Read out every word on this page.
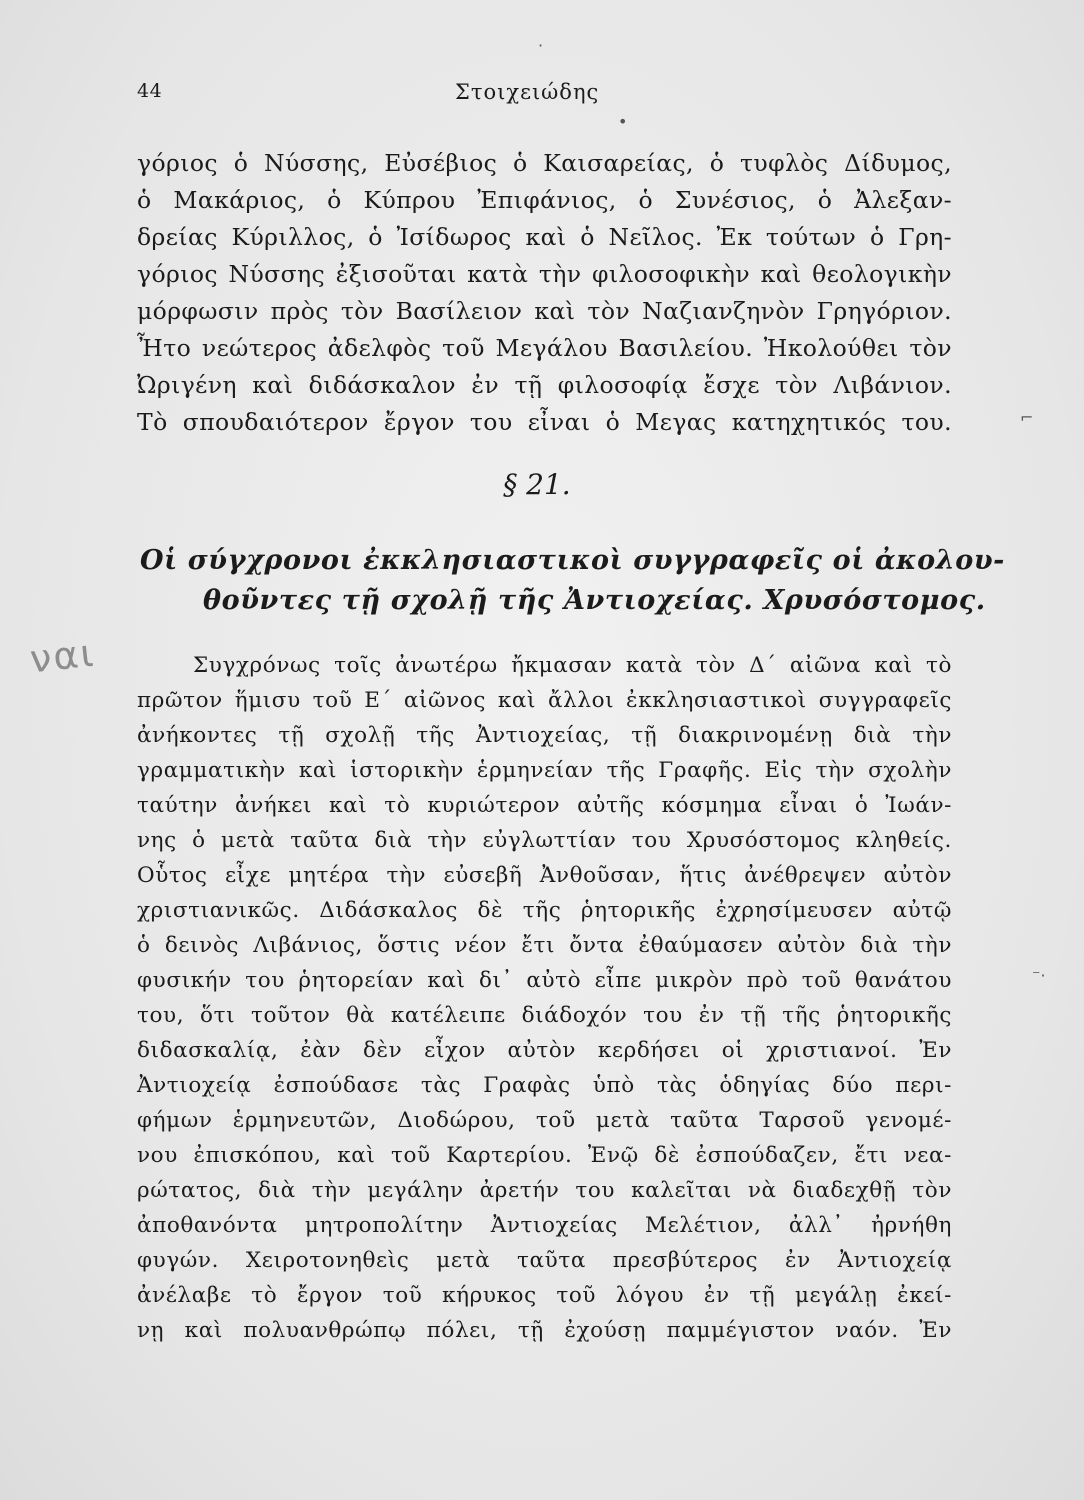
44	Στοιχειώδης
γόριος ὁ Νύσσης, Εὐσέβιος ὁ Καισαρείας, ὁ τυφλὸς Δίδυμος,
ὁ Μακάριος, ὁ Κύπρου Ἐπιφάνιος, ὁ Συνέσιος, ὁ Ἀλεξαν-
δρείας Κύριλλος, ὁ Ἰσίδωρος καὶ ὁ Νεῖλος. Ἐκ τούτων ὁ Γρη-
γόριος Νύσσης ἐξισοῦται κατὰ τὴν φιλοσοφικὴν καὶ θεολογικὴν
μόρφωσιν πρὸς τὸν Βασίλειον καὶ τὸν Ναζιανζηνὸν Γρηγόριον.
Ἦτο νεώτερος ἀδελφὸς τοῦ Μεγάλου Βασιλείου. Ἠκολούθει τὸν
Ὠριγένη καὶ διδάσκαλον ἐν τῇ φιλοσοφίᾳ ἔσχε τὸν Λιβάνιον.
Τὸ σπουδαιότερον ἔργον του εἶναι ὁ Μεγας κατηχητικός του.
§ 21.
Οἱ σύγχρονοι ἐκκλησιαστικοὶ συγγραφεῖς οἱ ἀκολου-
θοῦντες τῇ σχολῇ τῆς Ἀντιοχείας. Χρυσόστομος.
ναι	Συγχρόνως τοῖς ἀνωτέρω ἤκμασαν κατὰ τὸν Δ´ αἰῶνα καὶ τὸ
πρῶτον ἥμισυ τοῦ Ε´ αἰῶνος καὶ ἄλλοι ἐκκλησιαστικοὶ συγγραφεῖς
ἀνήκοντες τῇ σχολῇ τῆς Ἀντιοχείας, τῇ διακρινομένῃ διὰ τὴν
γραμματικὴν καὶ ἱστορικὴν ἑρμηνείαν τῆς Γραφῆς. Εἰς τὴν σχολὴν
ταύτην ἀνήκει καὶ τὸ κυριώτερον αὐτῆς κόσμημα εἶναι ὁ Ἰωάν-
νης ὁ μετὰ ταῦτα διὰ τὴν εὐγλωττίαν του Χρυσόστομος κληθείς.
Οὗτος εἶχε μητέρα τὴν εὐσεβῆ Ἀνθοῦσαν, ἥτις ἀνέθρεψεν αὐτὸν
χριστιανικῶς. Διδάσκαλος δὲ τῆς ῥητορικῆς ἐχρησίμευσεν αὐτῷ
ὁ δεινὸς Λιβάνιος, ὅστις νέον ἔτι ὄντα ἐθαύμασεν αὐτὸν διὰ τὴν
φυσικήν του ῥητορείαν καὶ δι᾽ αὐτὸ εἶπε μικρὸν πρὸ τοῦ θανάτου
του, ὅτι τοῦτον θὰ κατέλειπε διάδοχόν του ἐν τῇ τῆς ῥητορικῆς
διδασκαλίᾳ, ἐὰν δὲν εἶχον αὐτὸν κερδήσει οἱ χριστιανοί. Ἐν
Ἀντιοχείᾳ ἐσπούδασε τὰς Γραφὰς ὑπὸ τὰς ὁδηγίας δύο περι-
φήμων ἑρμηνευτῶν, Διοδώρου, τοῦ μετὰ ταῦτα Ταρσοῦ γενομέ-
νου ἐπισκόπου, καὶ τοῦ Καρτερίου. Ἐνῷ δὲ ἐσπούδαζεν, ἔτι νεα-
ρώτατος, διὰ τὴν μεγάλην ἀρετήν του καλεῖται νὰ διαδεχθῇ τὸν
ἀποθανόντα μητροπολίτην Ἀντιοχείας Μελέτιον, ἀλλ᾽ ἠρνήθη
φυγών. Χειροτονηθεὶς μετὰ ταῦτα πρεσβύτερος ἐν Ἀντιοχείᾳ
ἀνέλαβε τὸ ἔργον τοῦ κήρυκος τοῦ λόγου ἐν τῇ μεγάλῃ ἐκεί-
νῃ καὶ πολυανθρώπῳ πόλει, τῇ ἐχούσῃ παμμέγιστον ναόν. Ἐν
·
•
⌐
⁻·
